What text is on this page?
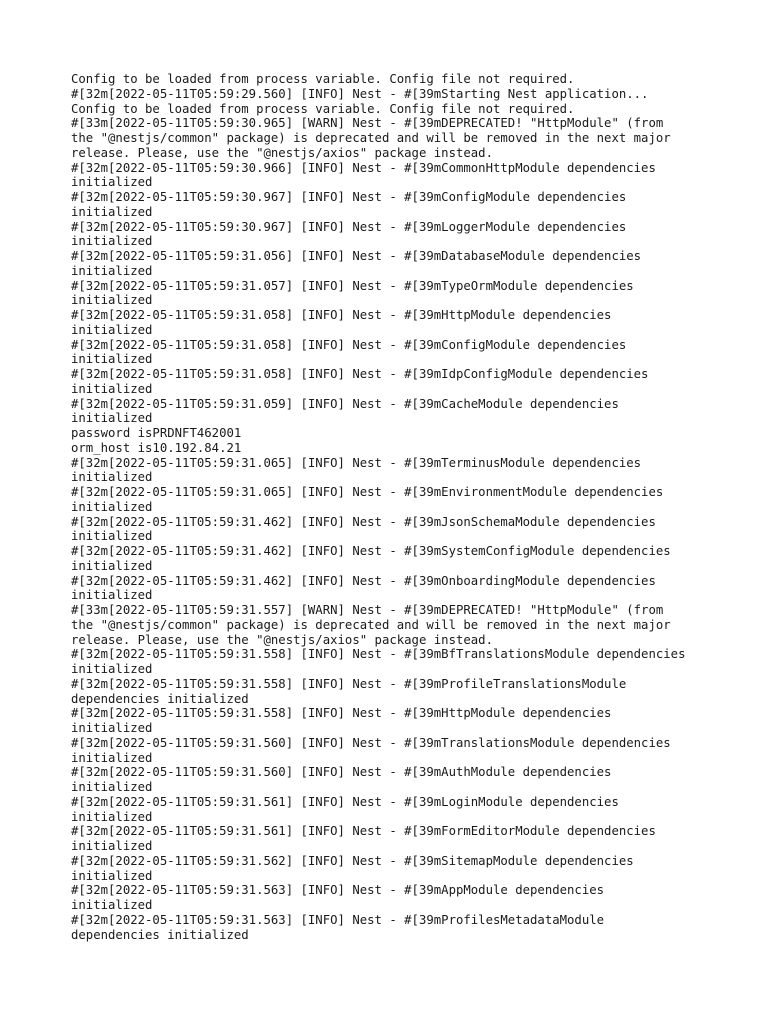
Config to be loaded from process variable. Config file not required.
#[32m[2022-05-11T05:59:29.560] [INFO] Nest - #[39mStarting Nest application...
Config to be loaded from process variable. Config file not required.
#[33m[2022-05-11T05:59:30.965] [WARN] Nest - #[39mDEPRECATED! "HttpModule" (from
the "@nestjs/common" package) is deprecated and will be removed in the next major
release. Please, use the "@nestjs/axios" package instead.
#[32m[2022-05-11T05:59:30.966] [INFO] Nest - #[39mCommonHttpModule dependencies
initialized
#[32m[2022-05-11T05:59:30.967] [INFO] Nest - #[39mConfigModule dependencies
initialized
#[32m[2022-05-11T05:59:30.967] [INFO] Nest - #[39mLoggerModule dependencies
initialized
#[32m[2022-05-11T05:59:31.056] [INFO] Nest - #[39mDatabaseModule dependencies
initialized
#[32m[2022-05-11T05:59:31.057] [INFO] Nest - #[39mTypeOrmModule dependencies
initialized
#[32m[2022-05-11T05:59:31.058] [INFO] Nest - #[39mHttpModule dependencies
initialized
#[32m[2022-05-11T05:59:31.058] [INFO] Nest - #[39mConfigModule dependencies
initialized
#[32m[2022-05-11T05:59:31.058] [INFO] Nest - #[39mIdpConfigModule dependencies
initialized
#[32m[2022-05-11T05:59:31.059] [INFO] Nest - #[39mCacheModule dependencies
initialized
password isPRDNFT462001
orm_host is10.192.84.21
#[32m[2022-05-11T05:59:31.065] [INFO] Nest - #[39mTerminusModule dependencies
initialized
#[32m[2022-05-11T05:59:31.065] [INFO] Nest - #[39mEnvironmentModule dependencies
initialized
#[32m[2022-05-11T05:59:31.462] [INFO] Nest - #[39mJsonSchemaModule dependencies
initialized
#[32m[2022-05-11T05:59:31.462] [INFO] Nest - #[39mSystemConfigModule dependencies
initialized
#[32m[2022-05-11T05:59:31.462] [INFO] Nest - #[39mOnboardingModule dependencies
initialized
#[33m[2022-05-11T05:59:31.557] [WARN] Nest - #[39mDEPRECATED! "HttpModule" (from
the "@nestjs/common" package) is deprecated and will be removed in the next major
release. Please, use the "@nestjs/axios" package instead.
#[32m[2022-05-11T05:59:31.558] [INFO] Nest - #[39mBfTranslationsModule dependencies
initialized
#[32m[2022-05-11T05:59:31.558] [INFO] Nest - #[39mProfileTranslationsModule
dependencies initialized
#[32m[2022-05-11T05:59:31.558] [INFO] Nest - #[39mHttpModule dependencies
initialized
#[32m[2022-05-11T05:59:31.560] [INFO] Nest - #[39mTranslationsModule dependencies
initialized
#[32m[2022-05-11T05:59:31.560] [INFO] Nest - #[39mAuthModule dependencies
initialized
#[32m[2022-05-11T05:59:31.561] [INFO] Nest - #[39mLoginModule dependencies
initialized
#[32m[2022-05-11T05:59:31.561] [INFO] Nest - #[39mFormEditorModule dependencies
initialized
#[32m[2022-05-11T05:59:31.562] [INFO] Nest - #[39mSitemapModule dependencies
initialized
#[32m[2022-05-11T05:59:31.563] [INFO] Nest - #[39mAppModule dependencies
initialized
#[32m[2022-05-11T05:59:31.563] [INFO] Nest - #[39mProfilesMetadataModule
dependencies initialized
